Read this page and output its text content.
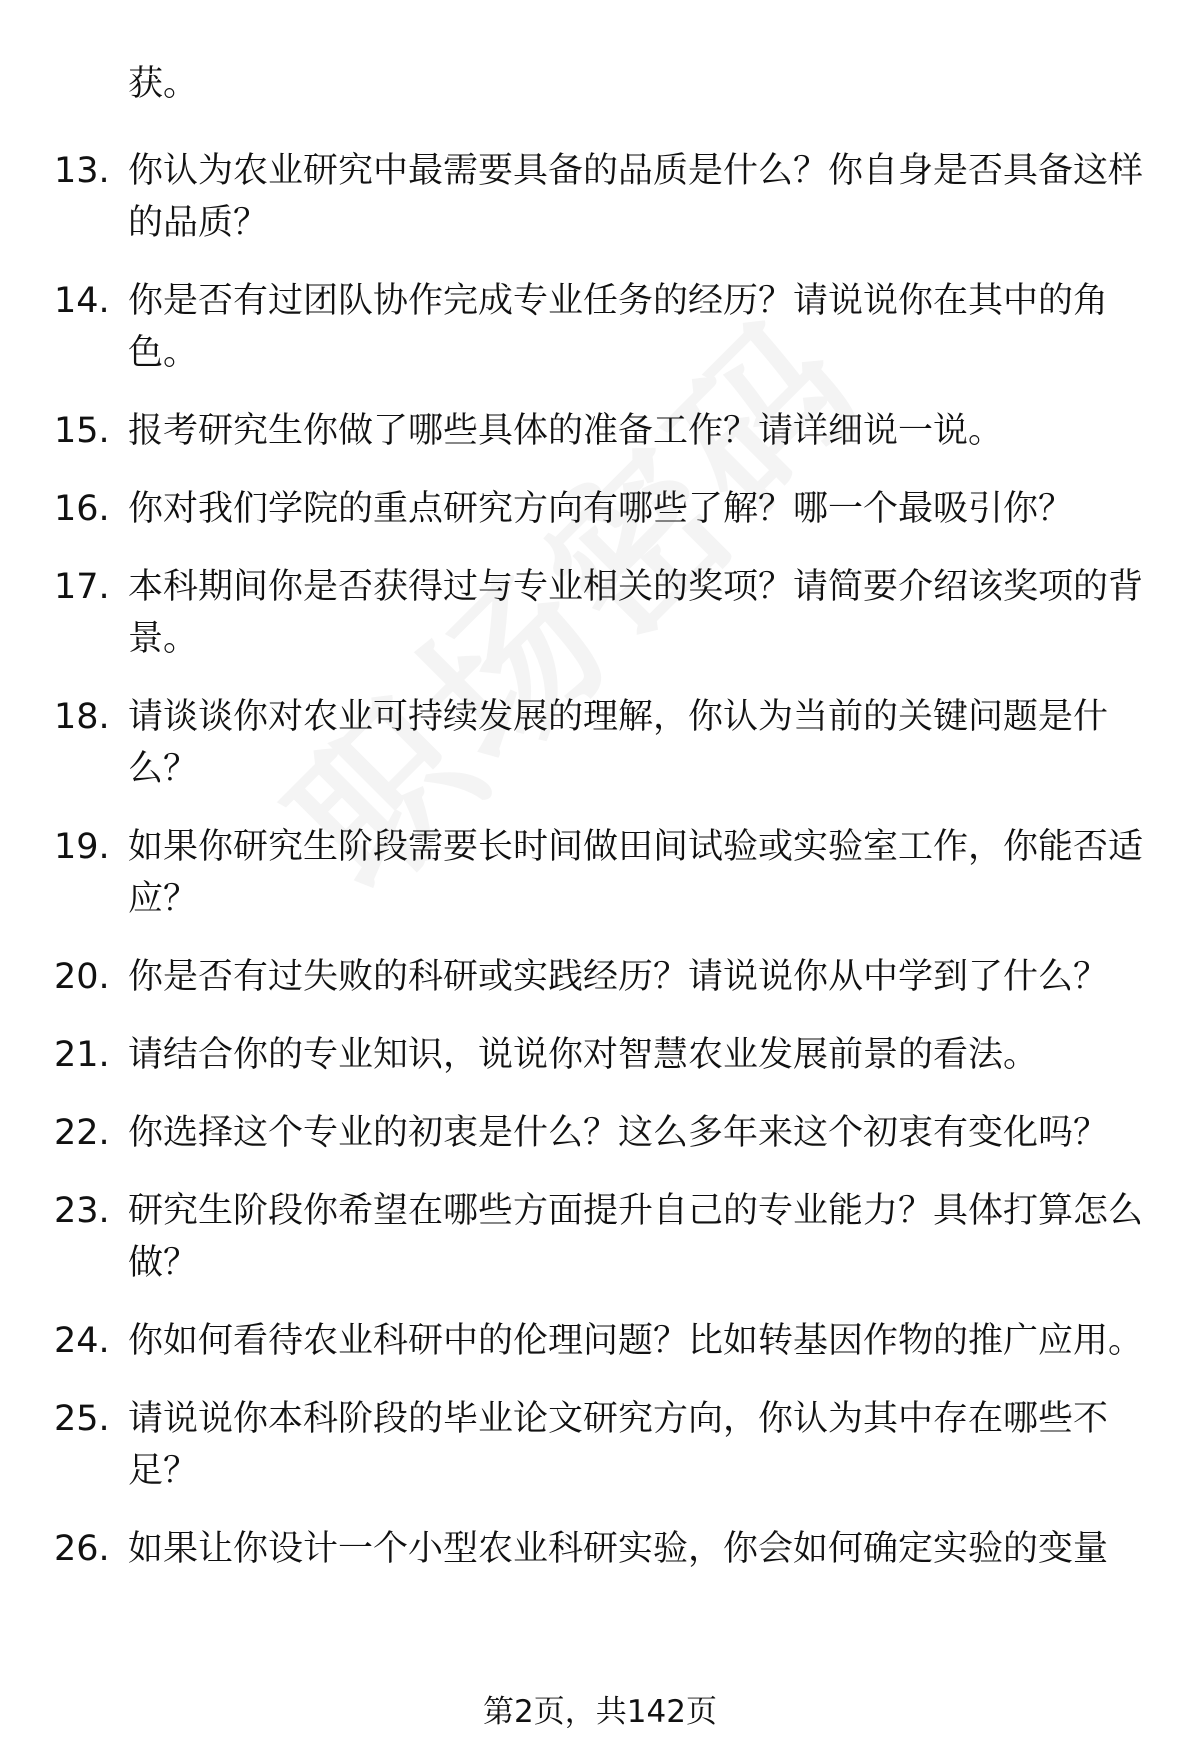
获。
13. 你认为农业研究中最需要具备的品质是什么？你自身是否具备这样的品质？
14. 你是否有过团队协作完成专业任务的经历？请说说你在其中的角色。
15. 报考研究生你做了哪些具体的准备工作？请详细说一说。
16. 你对我们学院的重点研究方向有哪些了解？哪一个最吸引你？
17. 本科期间你是否获得过与专业相关的奖项？请简要介绍该奖项的背景。
18. 请谈谈你对农业可持续发展的理解，你认为当前的关键问题是什么？
19. 如果你研究生阶段需要长时间做田间试验或实验室工作，你能否适应？
20. 你是否有过失败的科研或实践经历？请说说你从中学到了什么？
21. 请结合你的专业知识，说说你对智慧农业发展前景的看法。
22. 你选择这个专业的初衷是什么？这么多年来这个初衷有变化吗？
23. 研究生阶段你希望在哪些方面提升自己的专业能力？具体打算怎么做？
24. 你如何看待农业科研中的伦理问题？比如转基因作物的推广应用。
25. 请说说你本科阶段的毕业论文研究方向，你认为其中存在哪些不足？
26. 如果让你设计一个小型农业科研实验，你会如何确定实验的变量
第2页，共142页
